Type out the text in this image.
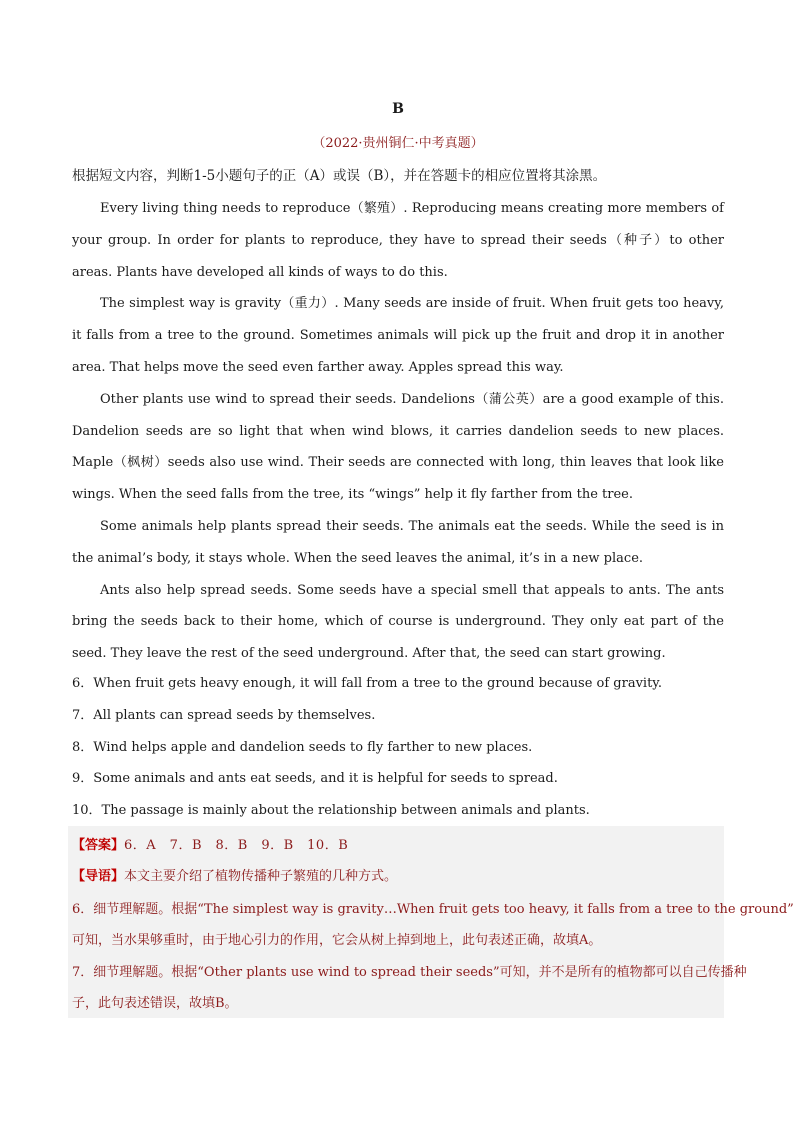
B
（2022·贵州铜仁·中考真题）
根据短文内容，判断1-5小题句子的正（A）或误（B），并在答题卡的相应位置将其涂黑。

Every living thing needs to reproduce（繁殖）. Reproducing means creating more members of your group. In order for plants to reproduce, they have to spread their seeds（种子）to other areas. Plants have developed all kinds of ways to do this.

The simplest way is gravity（重力）. Many seeds are inside of fruit. When fruit gets too heavy, it falls from a tree to the ground. Sometimes animals will pick up the fruit and drop it in another area. That helps move the seed even farther away. Apples spread this way.

Other plants use wind to spread their seeds. Dandelions（蒲公英）are a good example of this. Dandelion seeds are so light that when wind blows, it carries dandelion seeds to new places. Maple（枫树）seeds also use wind. Their seeds are connected with long, thin leaves that look like wings. When the seed falls from the tree, its “wings” help it fly farther from the tree.

Some animals help plants spread their seeds. The animals eat the seeds. While the seed is in the animal’s body, it stays whole. When the seed leaves the animal, it’s in a new place.

Ants also help spread seeds. Some seeds have a special smell that appeals to ants. The ants bring the seeds back to their home, which of course is underground. They only eat part of the seed. They leave the rest of the seed underground. After that, the seed can start growing.

6．When fruit gets heavy enough, it will fall from a tree to the ground because of gravity.
7．All plants can spread seeds by themselves.
8．Wind helps apple and dandelion seeds to fly farther to new places.
9．Some animals and ants eat seeds, and it is helpful for seeds to spread.
10．The passage is mainly about the relationship between animals and plants.
【答案】6．A　7．B　8．B　9．B　10．B
【导语】本文主要介绍了植物传播种子繁殖的几种方式。
6．细节理解题。根据“The simplest way is gravity…When fruit gets too heavy, it falls from a tree to the ground”
可知，当水果够重时，由于地心引力的作用，它会从树上掉到地上，此句表述正确，故填A。
7．细节理解题。根据“Other plants use wind to spread their seeds”可知，并不是所有的植物都可以自己传播种
子，此句表述错误，故填B。
